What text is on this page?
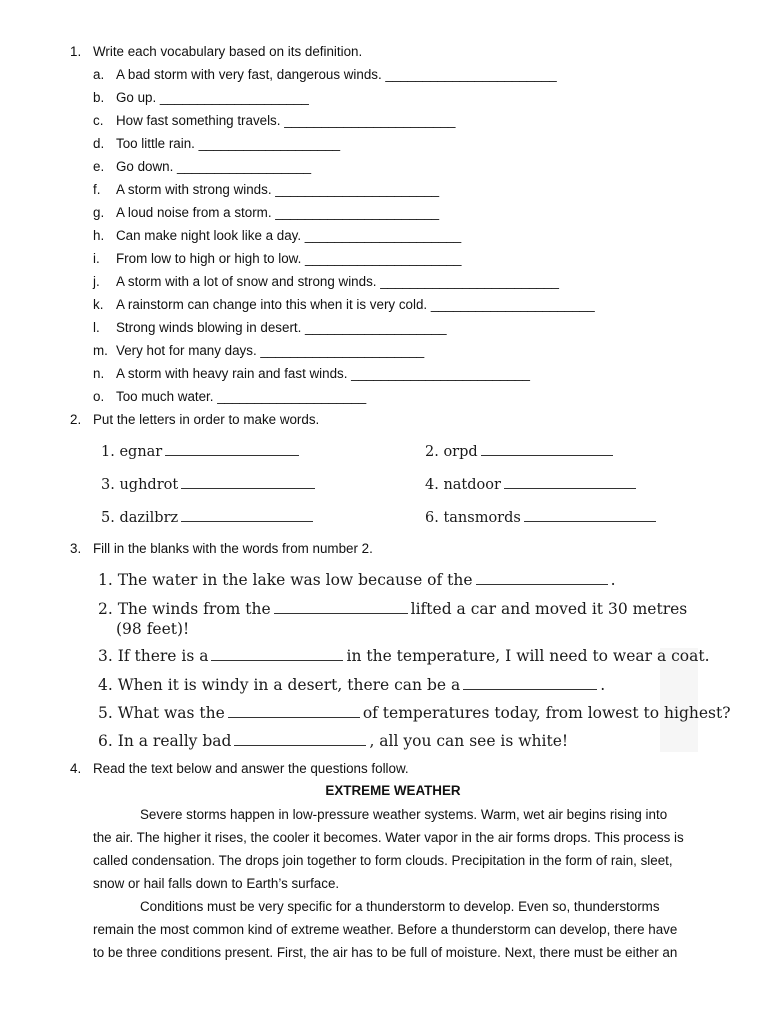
1. Write each vocabulary based on its definition.
a. A bad storm with very fast, dangerous winds. _______________________
b. Go up. ____________________
c. How fast something travels. _______________________
d. Too little rain. ___________________
e. Go down. __________________
f. A storm with strong winds. ______________________
g. A loud noise from a storm. ______________________
h. Can make night look like a day. _____________________
i. From low to high or high to low. _____________________
j. A storm with a lot of snow and strong winds. ________________________
k. A rainstorm can change into this when it is very cold. ______________________
l. Strong winds blowing in desert. ___________________
m. Very hot for many days. ______________________
n. A storm with heavy rain and fast winds. ________________________
o. Too much water. ____________________
2. Put the letters in order to make words.
1. egnar	2. orpd
3. ughdrot	4. natdoor
5. dazilbrz	6. tansmords
3. Fill in the blanks with the words from number 2.
1. The water in the lake was low because of the	.
2. The winds from the	lifted a car and moved it 30 metres
(98 feet)!
3. If there is a	in the temperature, I will need to wear a coat.
4. When it is windy in a desert, there can be a	.
5. What was the	of temperatures today, from lowest to highest?
6. In a really bad	, all you can see is white!
4. Read the text below and answer the questions follow.
EXTREME WEATHER
Severe storms happen in low-pressure weather systems. Warm, wet air begins rising into
the air. The higher it rises, the cooler it becomes. Water vapor in the air forms drops. This process is
called condensation. The drops join together to form clouds. Precipitation in the form of rain, sleet,
snow or hail falls down to Earth’s surface.
Conditions must be very specific for a thunderstorm to develop. Even so, thunderstorms
remain the most common kind of extreme weather. Before a thunderstorm can develop, there have
to be three conditions present. First, the air has to be full of moisture. Next, there must be either an
